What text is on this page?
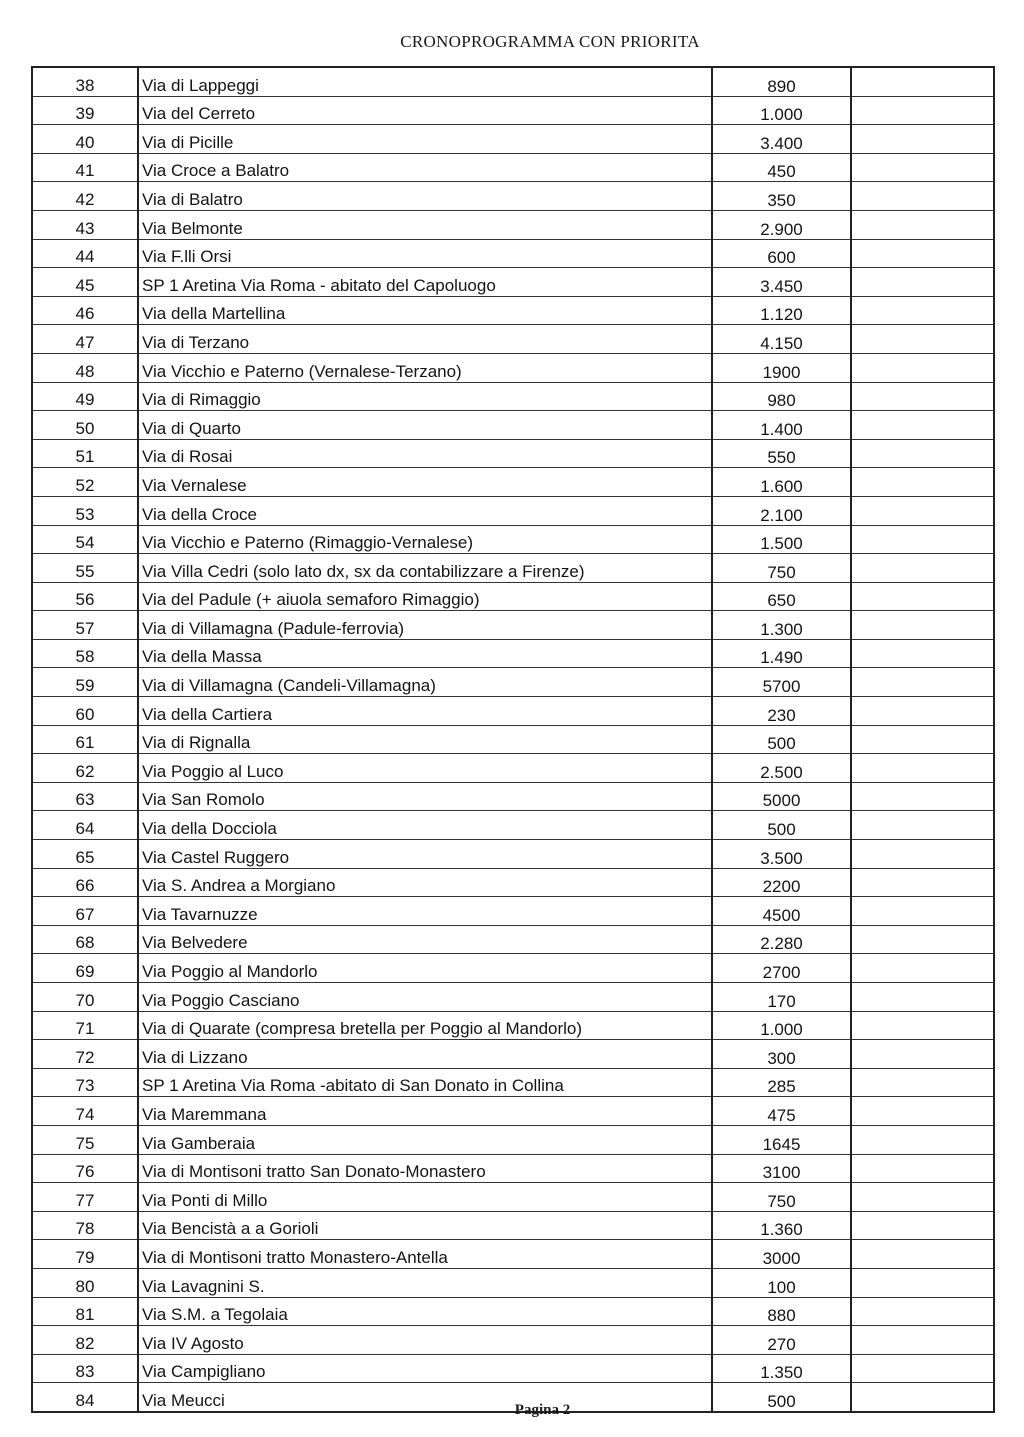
CRONOPROGRAMMA CON PRIORITA
38	Via di Lappeggi	890	
39	Via del Cerreto	1.000	
40	Via di Picille	3.400	
41	Via Croce a Balatro	450	
42	Via di Balatro	350	
43	Via Belmonte	2.900	
44	Via F.lli Orsi	600	
45	SP 1 Aretina Via Roma - abitato del Capoluogo	3.450	
46	Via della Martellina	1.120	
47	Via di Terzano	4.150	
48	Via Vicchio e Paterno (Vernalese-Terzano)	1900	
49	Via di Rimaggio	980	
50	Via di Quarto	1.400	
51	Via di Rosai	550	
52	Via Vernalese	1.600	
53	Via della Croce	2.100	
54	Via Vicchio e Paterno (Rimaggio-Vernalese)	1.500	
55	Via Villa Cedri (solo lato dx, sx da contabilizzare a Firenze)	750	
56	Via del Padule (+ aiuola semaforo Rimaggio)	650	
57	Via di Villamagna (Padule-ferrovia)	1.300	
58	Via della Massa	1.490	
59	Via di Villamagna (Candeli-Villamagna)	5700	
60	Via della Cartiera	230	
61	Via di Rignalla	500	
62	Via Poggio al Luco	2.500	
63	Via San Romolo	5000	
64	Via della Docciola	500	
65	Via Castel Ruggero	3.500	
66	Via S. Andrea a Morgiano	2200	
67	Via Tavarnuzze	4500	
68	Via Belvedere	2.280	
69	Via Poggio al Mandorlo	2700	
70	Via Poggio Casciano	170	
71	Via di Quarate (compresa bretella per Poggio al Mandorlo)	1.000	
72	Via di Lizzano	300	
73	SP 1 Aretina Via Roma -abitato di San Donato in Collina	285	
74	Via Maremmana	475	
75	Via Gamberaia	1645	
76	Via di Montisoni tratto San Donato-Monastero	3100	
77	Via Ponti di Millo	750	
78	Via Bencistà a a Gorioli	1.360	
79	Via di Montisoni tratto Monastero-Antella	3000	
80	Via Lavagnini S.	100	
81	Via S.M. a Tegolaia	880	
82	Via IV Agosto	270	
83	Via Campigliano	1.350	
84	Via Meucci	500	
Pagina 2
